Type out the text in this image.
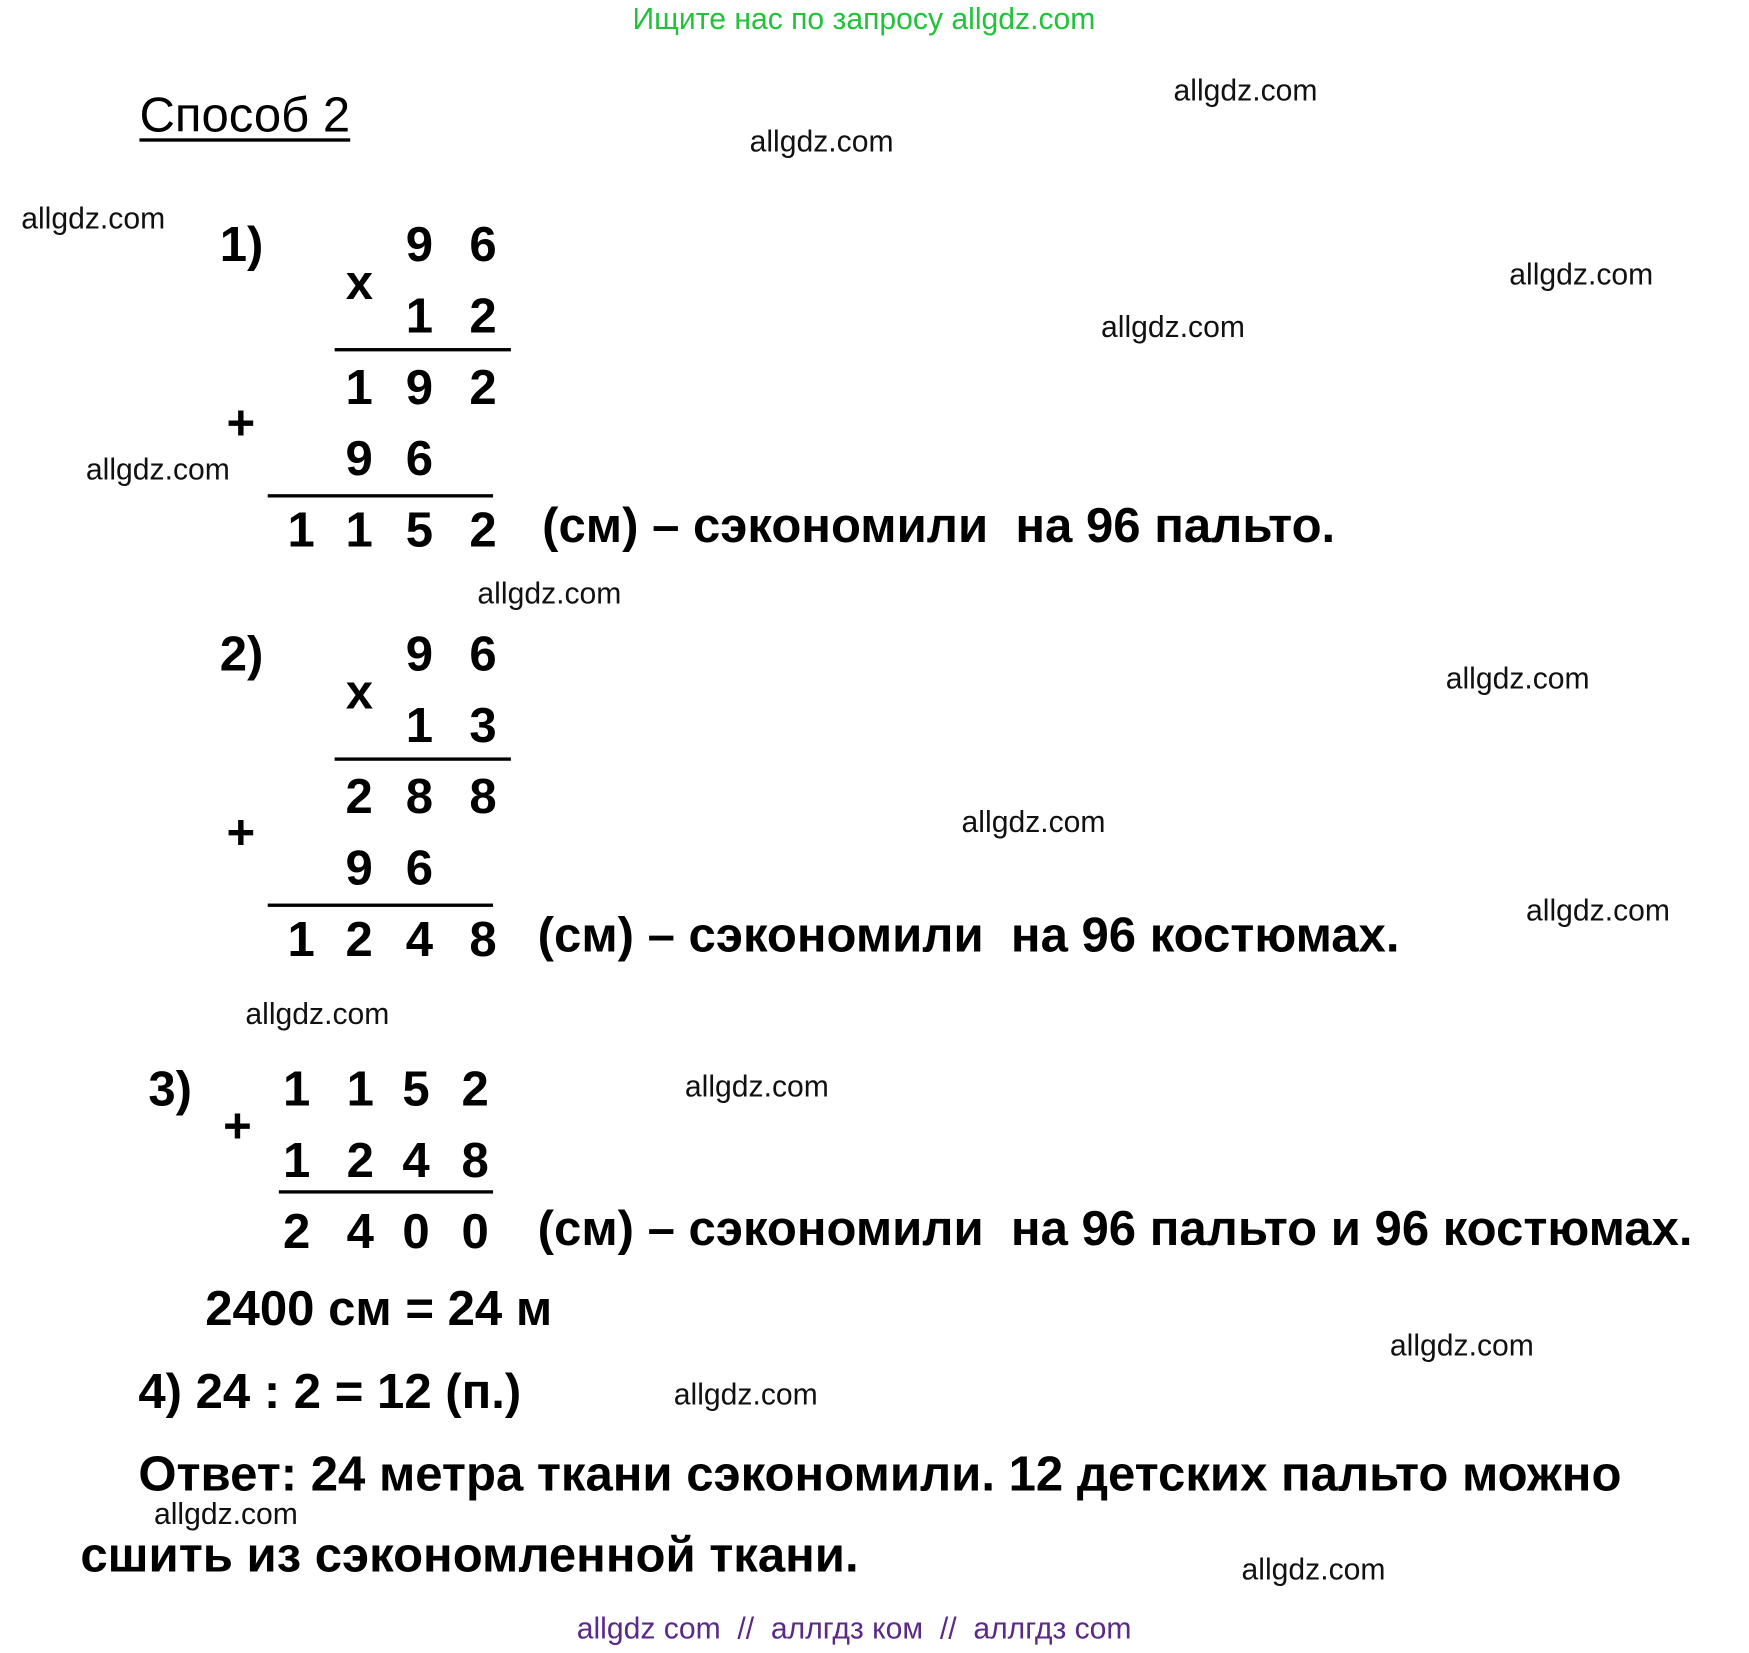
Ищите нас по запросу allgdz.com
Способ 2	allgdz.com
allgdz.com
allgdz.com
allgdz.com
allgdz.com
allgdz.com
allgdz.com
allgdz.com
allgdz.com
allgdz.com
allgdz.com
allgdz.com
allgdz.com
allgdz.com
allgdz.com
allgdz.com
1)
x
9 6
1 2
1 9 2
+
9 6
1 1 5 2 (см) – сэкономили  на 96 пальто.
2)
x
9 6
1 3
2 8 8
+
9 6
1 2 4 8 (см) – сэкономили  на 96 костюмах.
3)
+
1 1 5 2
1 2 4 8
2 4 0 0 (см) – сэкономили  на 96 пальто и 96 костюмах.
2400 см = 24 м
4) 24 : 2 = 12 (п.)
Ответ: 24 метра ткани сэкономили. 12 детских пальто можно
сшить из сэкономленной ткани.
allgdz com  //  аллгдз ком  //  аллгдз com
